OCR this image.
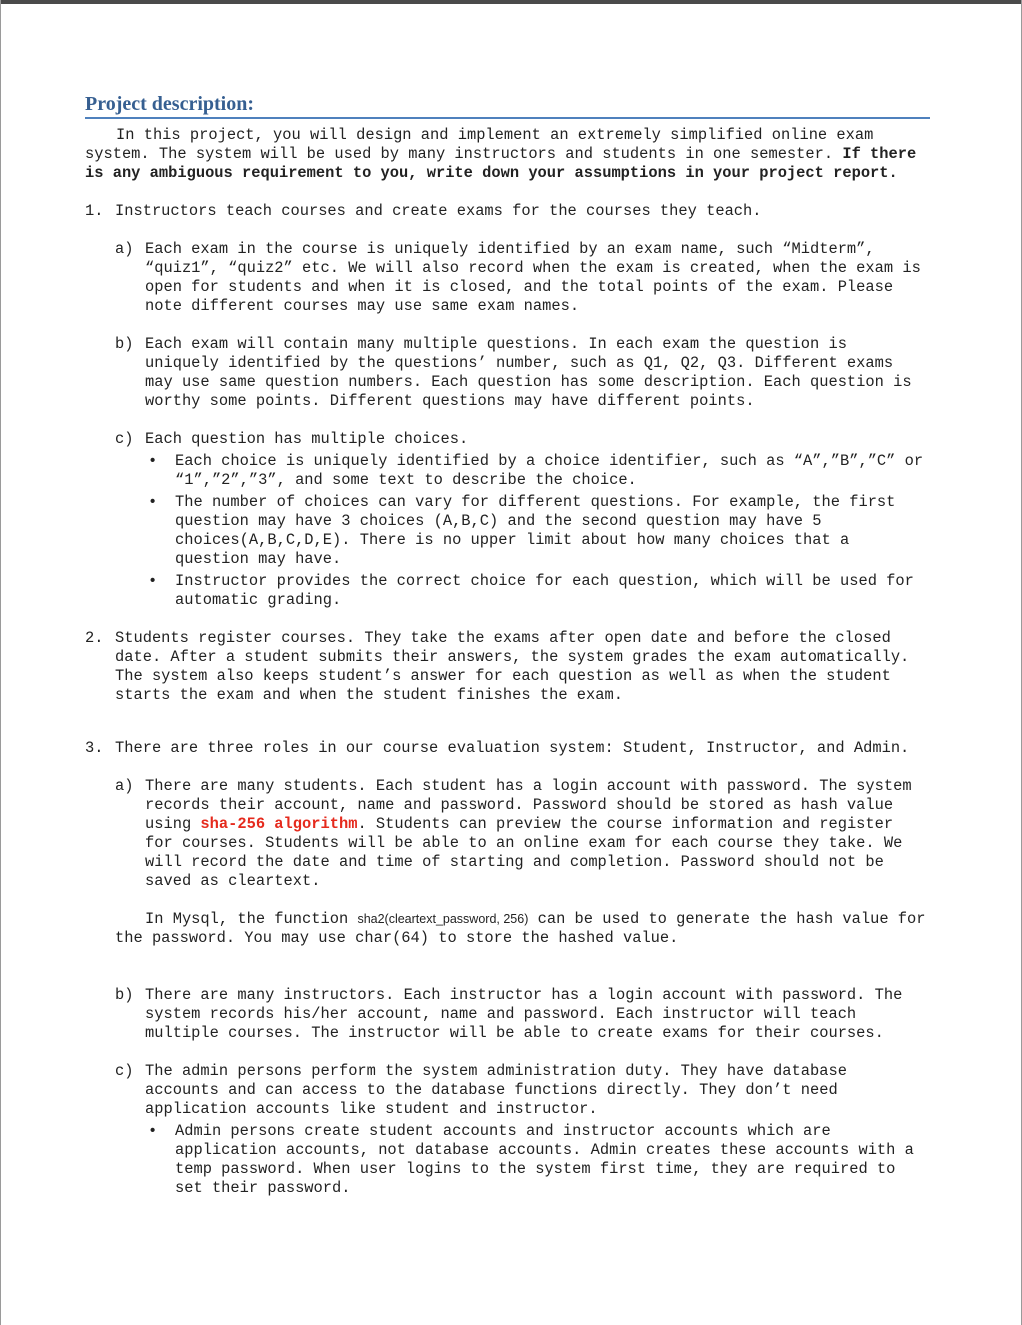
Project description:

In this project, you will design and implement an extremely simplified online exam system. The system will be used by many instructors and students in one semester. If there is any ambiguous requirement to you, write down your assumptions in your project report.

1. Instructors teach courses and create exams for the courses they teach.
a) Each exam in the course is uniquely identified by an exam name, such “Midterm”, “quiz1”, “quiz2” etc. We will also record when the exam is created, when the exam is open for students and when it is closed, and the total points of the exam. Please note different courses may use same exam names.
b) Each exam will contain many multiple questions. In each exam the question is uniquely identified by the questions’ number, such as Q1, Q2, Q3. Different exams may use same question numbers. Each question has some description. Each question is worthy some points. Different questions may have different points.
c) Each question has multiple choices.
•	Each choice is uniquely identified by a choice identifier, such as “A”,”B”,”C” or “1”,”2”,”3”, and some text to describe the choice.
•	The number of choices can vary for different questions. For example, the first question may have 3 choices (A,B,C) and the second question may have 5 choices(A,B,C,D,E). There is no upper limit about how many choices that a question may have.
•	Instructor provides the correct choice for each question, which will be used for automatic grading.
2. Students register courses. They take the exams after open date and before the closed date. After a student submits their answers, the system grades the exam automatically. The system also keeps student’s answer for each question as well as when the student starts the exam and when the student finishes the exam.
3. There are three roles in our course evaluation system: Student, Instructor, and Admin.
a) There are many students. Each student has a login account with password. The system records their account, name and password. Password should be stored as hash value using sha-256 algorithm. Students can preview the course information and register for courses. Students will be able to an online exam for each course they take. We will record the date and time of starting and completion. Password should not be saved as cleartext.

In Mysql, the function sha2(cleartext_password, 256) can be used to generate the hash value for the password. You may use char(64) to store the hashed value.

b) There are many instructors. Each instructor has a login account with password. The system records his/her account, name and password. Each instructor will teach multiple courses. The instructor will be able to create exams for their courses.
c) The admin persons perform the system administration duty. They have database accounts and can access to the database functions directly. They don’t need application accounts like student and instructor.
•	Admin persons create student accounts and instructor accounts which are application accounts, not database accounts. Admin creates these accounts with a temp password. When user logins to the system first time, they are required to set their password.
